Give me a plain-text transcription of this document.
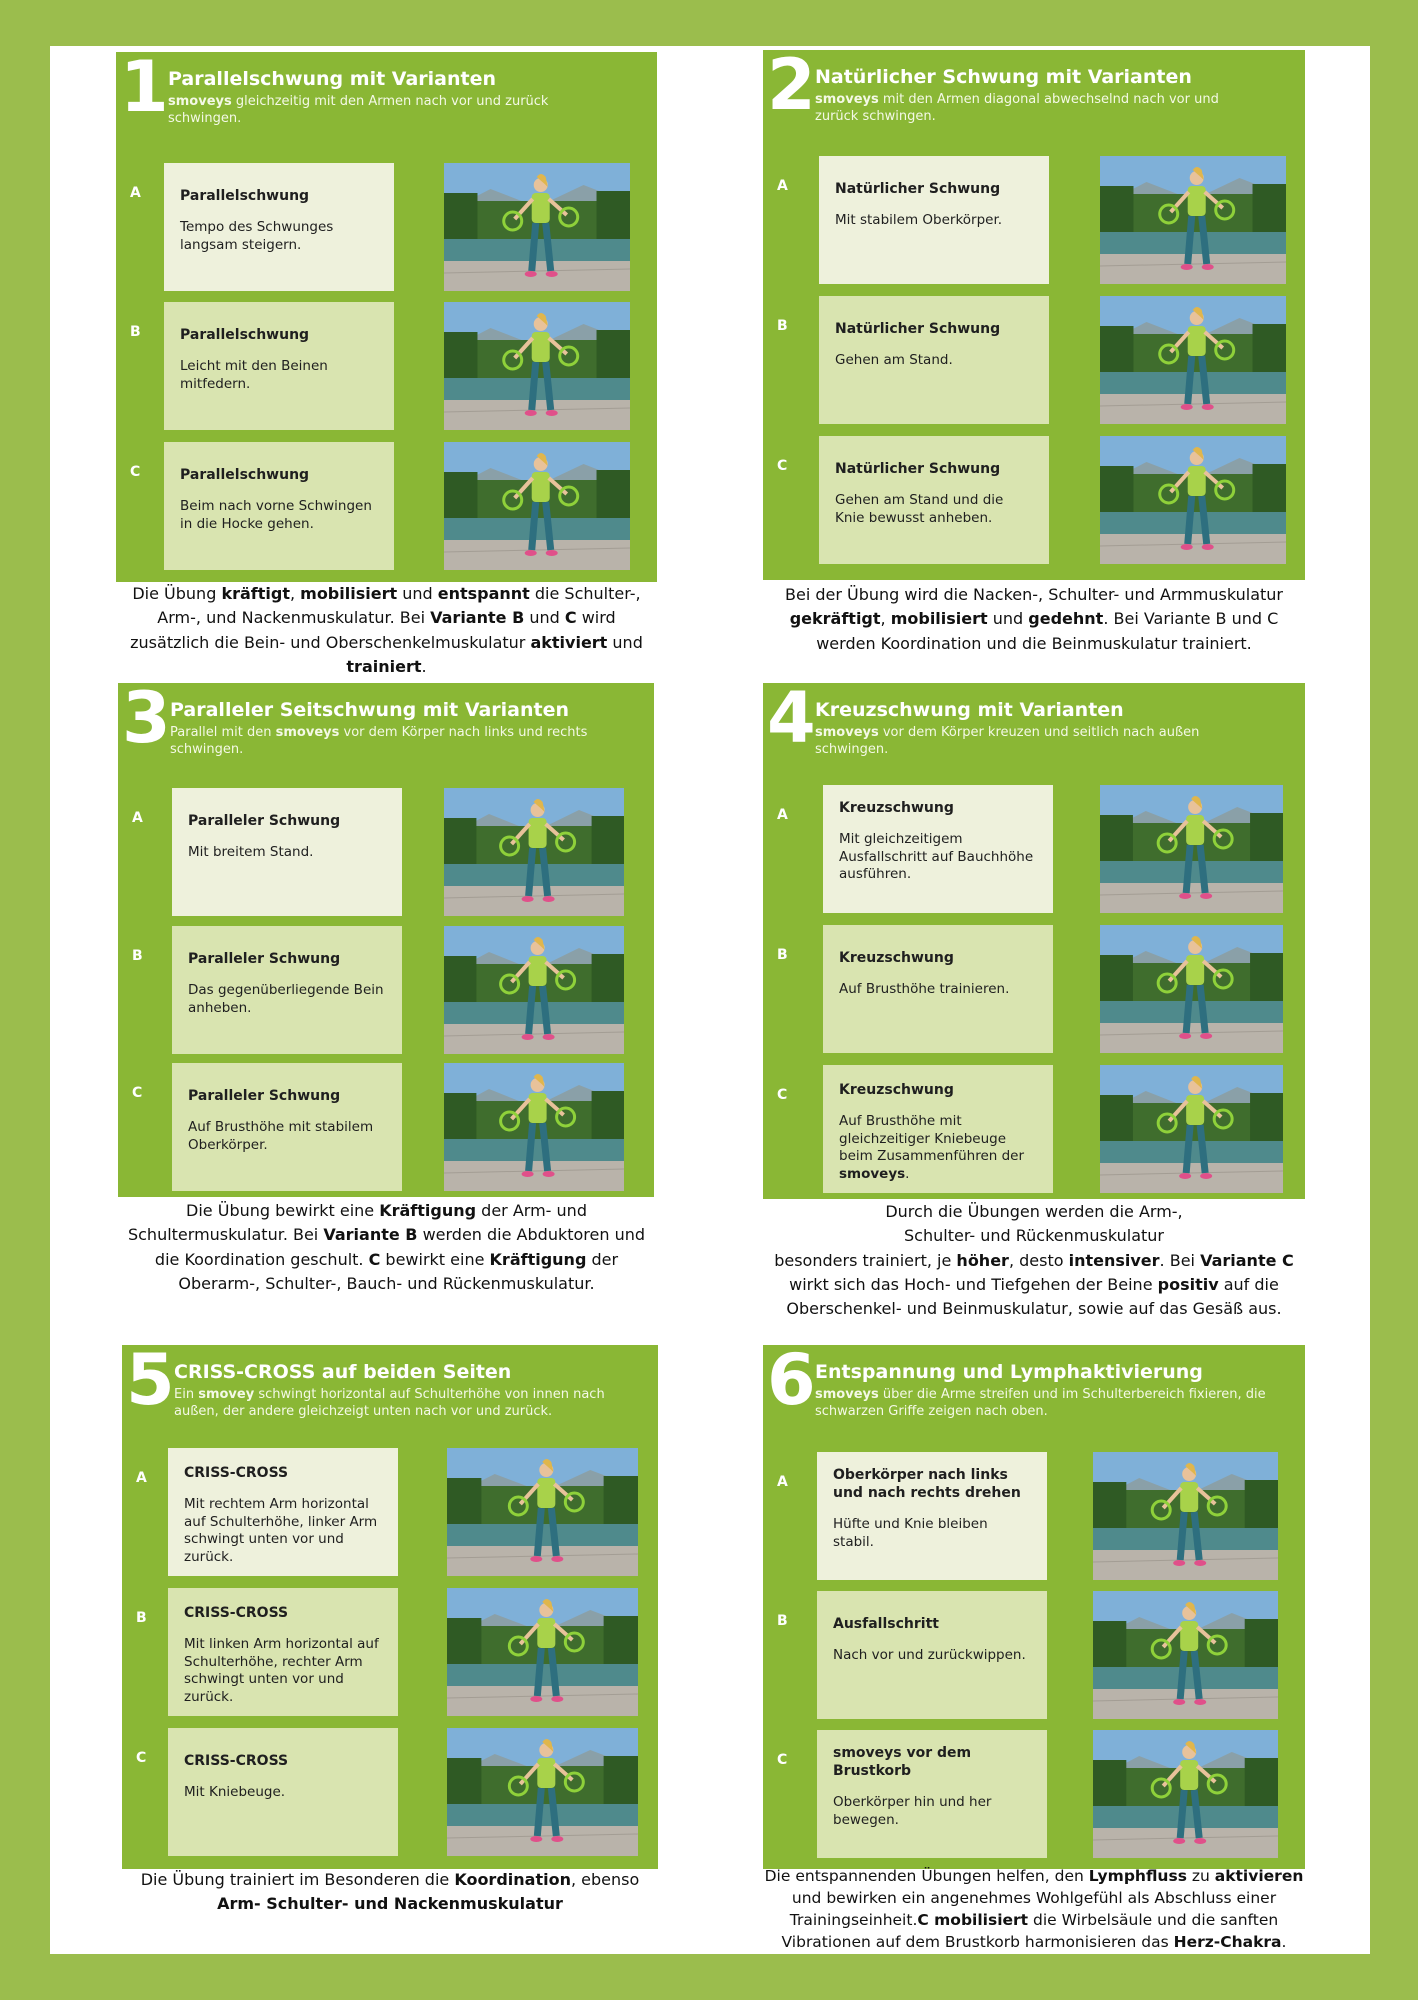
1 Parallelschwung mit Varianten
smoveys gleichzeitig mit den Armen nach vor und zurück schwingen.
A	Parallelschwung
Tempo des Schwunges langsam steigern.
B	Parallelschwung
Leicht mit den Beinen mitfedern.
C	Parallelschwung
Beim nach vorne Schwingen in die Hocke gehen.
Die Übung kräftigt, mobilisiert und entspannt die Schulter-, Arm-, und Nackenmuskulatur. Bei Variante B und C wird zusätzlich die Bein- und Oberschenkelmuskulatur aktiviert und trainiert.
2 Natürlicher Schwung mit Varianten
smoveys mit den Armen diagonal abwechselnd nach vor und zurück schwingen.
A	Natürlicher Schwung
Mit stabilem Oberkörper.
B	Natürlicher Schwung
Gehen am Stand.
C	Natürlicher Schwung
Gehen am Stand und die Knie bewusst anheben.
Bei der Übung wird die Nacken-, Schulter- und Armmuskulatur gekräftigt, mobilisiert und gedehnt. Bei Variante B und C werden Koordination und die Beinmuskulatur trainiert.
3 Paralleler Seitschwung mit Varianten
Parallel mit den smoveys vor dem Körper nach links und rechts schwingen.
A	Paralleler Schwung
Mit breitem Stand.
B	Paralleler Schwung
Das gegenüberliegende Bein anheben.
C	Paralleler Schwung
Auf Brusthöhe mit stabilem Oberkörper.
Die Übung bewirkt eine Kräftigung der Arm- und Schultermuskulatur. Bei Variante B werden die Abduktoren und die Koordination geschult. C bewirkt eine Kräftigung der Oberarm-, Schulter-, Bauch- und Rückenmuskulatur.
4 Kreuzschwung mit Varianten
smoveys vor dem Körper kreuzen und seitlich nach außen schwingen.
A	Kreuzschwung
Mit gleichzeitigem Ausfallschritt auf Bauchhöhe ausführen.
B	Kreuzschwung
Auf Brusthöhe trainieren.
C	Kreuzschwung
Auf Brusthöhe mit gleichzeitiger Kniebeuge beim Zusammenführen der smoveys.
Durch die Übungen werden die Arm-, Schulter- und Rückenmuskulatur
besonders trainiert, je höher, desto intensiver. Bei Variante C wirkt sich das Hoch- und Tiefgehen der Beine positiv auf die Oberschenkel- und Beinmuskulatur, sowie auf das Gesäß aus.
5 CRISS-CROSS auf beiden Seiten
Ein smovey schwingt horizontal auf Schulterhöhe von innen nach außen, der andere gleichzeigt unten nach vor und zurück.
A	CRISS-CROSS
Mit rechtem Arm horizontal auf Schulterhöhe, linker Arm schwingt unten vor und zurück.
B	CRISS-CROSS
Mit linken Arm horizontal auf Schulterhöhe, rechter Arm schwingt unten vor und zurück.
C	CRISS-CROSS
Mit Kniebeuge.
Die Übung trainiert im Besonderen die Koordination, ebenso
Arm- Schulter- und Nackenmuskulatur
6 Entspannung und Lymphaktivierung
smoveys über die Arme streifen und im Schulterbereich fixieren, die schwarzen Griffe zeigen nach oben.
A	Oberkörper nach links und nach rechts drehen
Hüfte und Knie bleiben stabil.
B	Ausfallschritt
Nach vor und zurückwippen.
C	smoveys vor dem Brustkorb
Oberkörper hin und her bewegen.
Die entspannenden Übungen helfen, den Lymphfluss zu aktivieren und bewirken ein angenehmes Wohlgefühl als Abschluss einer Trainingseinheit.C mobilisiert die Wirbelsäule und die sanften Vibrationen auf dem Brustkorb harmonisieren das Herz-Chakra.
